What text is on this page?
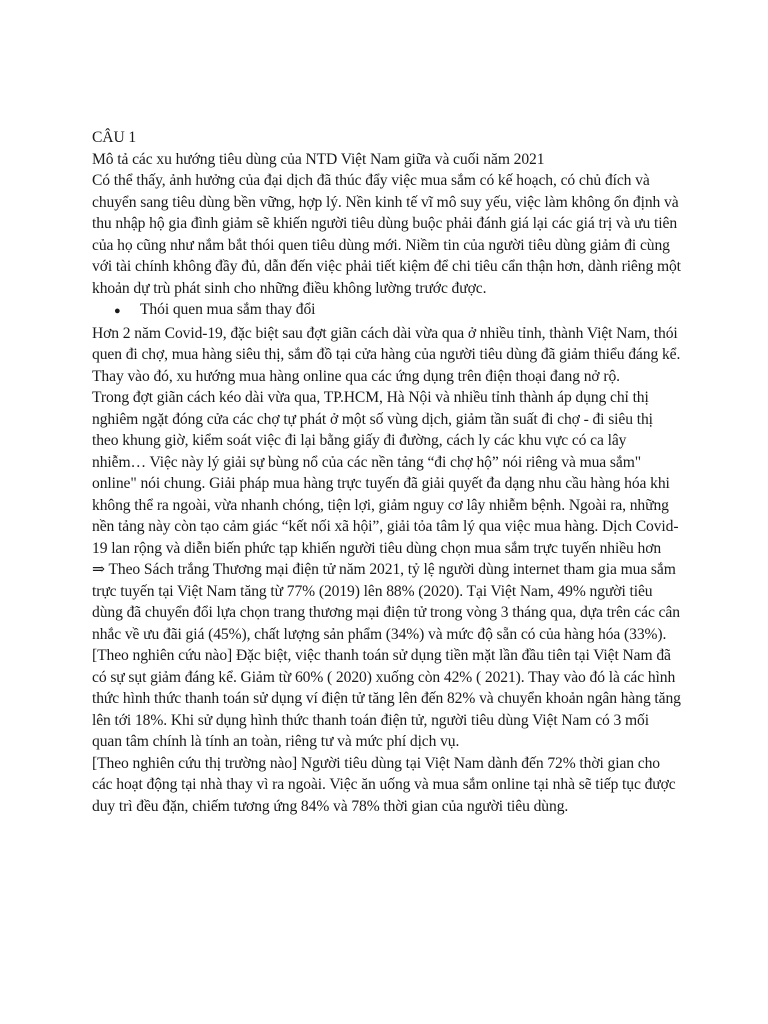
CÂU 1

Mô tả các xu hướng tiêu dùng của NTD Việt Nam giữa và cuối năm 2021

Có thể thấy, ảnh hưởng của đại dịch đã thúc đẩy việc mua sắm có kế hoạch, có chủ đích và chuyển sang tiêu dùng bền vững, hợp lý. Nền kinh tế vĩ mô suy yếu, việc làm không ổn định và thu nhập hộ gia đình giảm sẽ khiến người tiêu dùng buộc phải đánh giá lại các giá trị và ưu tiên của họ cũng như nắm bắt thói quen tiêu dùng mới. Niềm tin của người tiêu dùng giảm đi cùng với tài chính không đầy đủ, dẫn đến việc phải tiết kiệm để chi tiêu cẩn thận hơn, dành riêng một khoản dự trù phát sinh cho những điều không lường trước được.

●	Thói quen mua sắm thay đổi

Hơn 2 năm Covid-19, đặc biệt sau đợt giãn cách dài vừa qua ở nhiều tỉnh, thành Việt Nam, thói quen đi chợ, mua hàng siêu thị, sắm đồ tại cửa hàng của người tiêu dùng đã giảm thiểu đáng kể. Thay vào đó, xu hướng mua hàng online qua các ứng dụng trên điện thoại đang nở rộ.

Trong đợt giãn cách kéo dài vừa qua, TP.HCM, Hà Nội và nhiều tỉnh thành áp dụng chỉ thị nghiêm ngặt đóng cửa các chợ tự phát ở một số vùng dịch, giảm tần suất đi chợ - đi siêu thị theo khung giờ, kiểm soát việc đi lại bằng giấy đi đường, cách ly các khu vực có ca lây nhiễm… Việc này lý giải sự bùng nổ của các nền tảng “đi chợ hộ” nói riêng và mua sắm" online" nói chung. Giải pháp mua hàng trực tuyến đã giải quyết đa dạng nhu cầu hàng hóa khi không thể ra ngoài, vừa nhanh chóng, tiện lợi, giảm nguy cơ lây nhiễm bệnh. Ngoài ra, những nền tảng này còn tạo cảm giác “kết nối xã hội”, giải tỏa tâm lý qua việc mua hàng. Dịch Covid-19 lan rộng và diễn biến phức tạp khiến người tiêu dùng chọn mua sắm trực tuyến nhiều hơn

⇒ Theo Sách trắng Thương mại điện tử năm 2021, tỷ lệ người dùng internet tham gia mua sắm trực tuyến tại Việt Nam tăng từ 77% (2019) lên 88% (2020). Tại Việt Nam, 49% người tiêu dùng đã chuyển đổi lựa chọn trang thương mại điện tử trong vòng 3 tháng qua, dựa trên các cân nhắc về ưu đãi giá (45%), chất lượng sản phẩm (34%) và mức độ sẵn có của hàng hóa (33%).

[Theo nghiên cứu nào] Đặc biệt, việc thanh toán sử dụng tiền mặt lần đầu tiên tại Việt Nam đã có sự sụt giảm đáng kể. Giảm từ 60% ( 2020) xuống còn 42% ( 2021). Thay vào đó là các hình thức hình thức thanh toán sử dụng ví điện tử tăng lên đến 82% và chuyển khoản ngân hàng tăng lên tới 18%. Khi sử dụng hình thức thanh toán điện tử, người tiêu dùng Việt Nam có 3 mối quan tâm chính là tính an toàn, riêng tư và mức phí dịch vụ.

[Theo nghiên cứu thị trường nào] Người tiêu dùng tại Việt Nam dành đến 72% thời gian cho các hoạt động tại nhà thay vì ra ngoài. Việc ăn uống và mua sắm online tại nhà sẽ tiếp tục được duy trì đều đặn, chiếm tương ứng 84% và 78% thời gian của người tiêu dùng.
